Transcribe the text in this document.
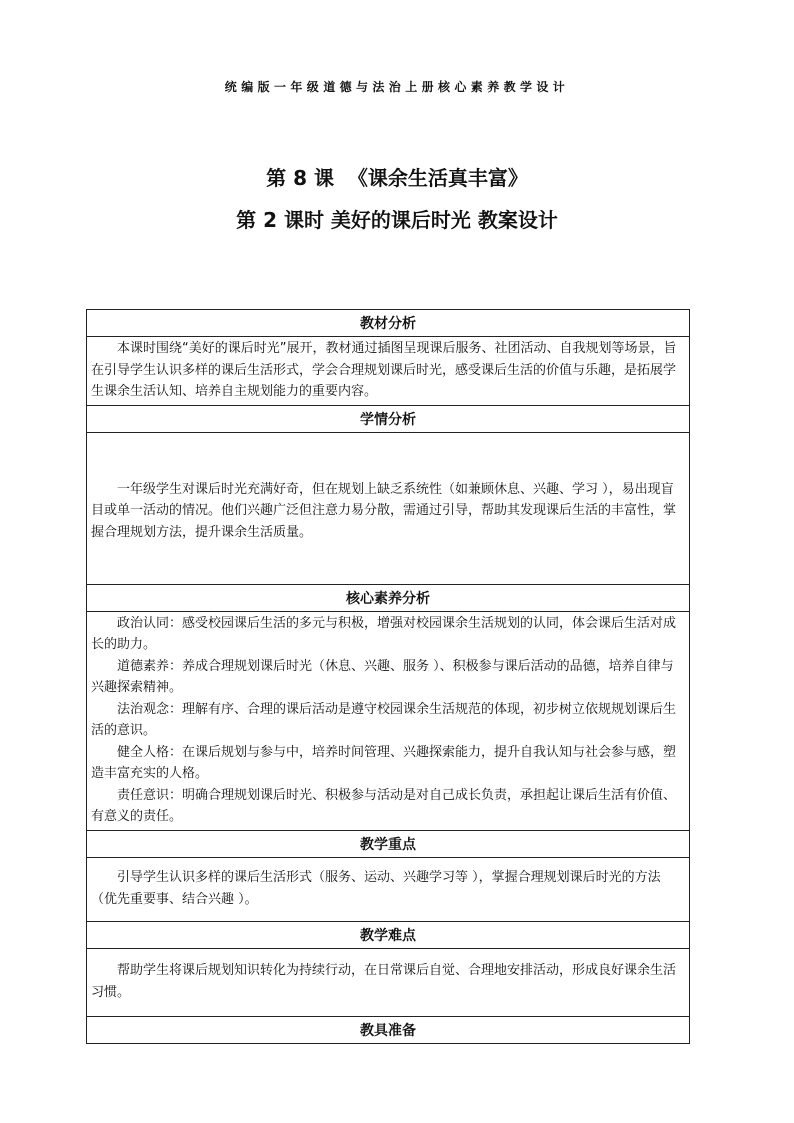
统编版一年级道德与法治上册核心素养教学设计
第 8 课  《课余生活真丰富》
第 2 课时 美好的课后时光 教案设计
教材分析

本课时围绕“美好的课后时光”展开，教材通过插图呈现课后服务、社团活动、自我规划等场景，旨在引导学生认识多样的课后生活形式，学会合理规划课后时光，感受课后生活的价值与乐趣，是拓展学生课余生活认知、培养自主规划能力的重要内容。

学情分析

一年级学生对课后时光充满好奇，但在规划上缺乏系统性（如兼顾休息、兴趣、学习 ），易出现盲目或单一活动的情况。他们兴趣广泛但注意力易分散，需通过引导，帮助其发现课后生活的丰富性，掌握合理规划方法，提升课余生活质量。

核心素养分析

政治认同：感受校园课后生活的多元与积极，增强对校园课余生活规划的认同，体会课后生活对成长的助力。

道德素养：养成合理规划课后时光（休息、兴趣、服务 ）、积极参与课后活动的品德，培养自律与兴趣探索精神。

法治观念：理解有序、合理的课后活动是遵守校园课余生活规范的体现，初步树立依规规划课后生活的意识。

健全人格：在课后规划与参与中，培养时间管理、兴趣探索能力，提升自我认知与社会参与感，塑造丰富充实的人格。

责任意识：明确合理规划课后时光、积极参与活动是对自己成长负责，承担起让课后生活有价值、有意义的责任。

教学重点

引导学生认识多样的课后生活形式（服务、运动、兴趣学习等 ），掌握合理规划课后时光的方法（优先重要事、结合兴趣 ）。

教学难点

帮助学生将课后规划知识转化为持续行动，在日常课后自觉、合理地安排活动，形成良好课余生活习惯。

教具准备
